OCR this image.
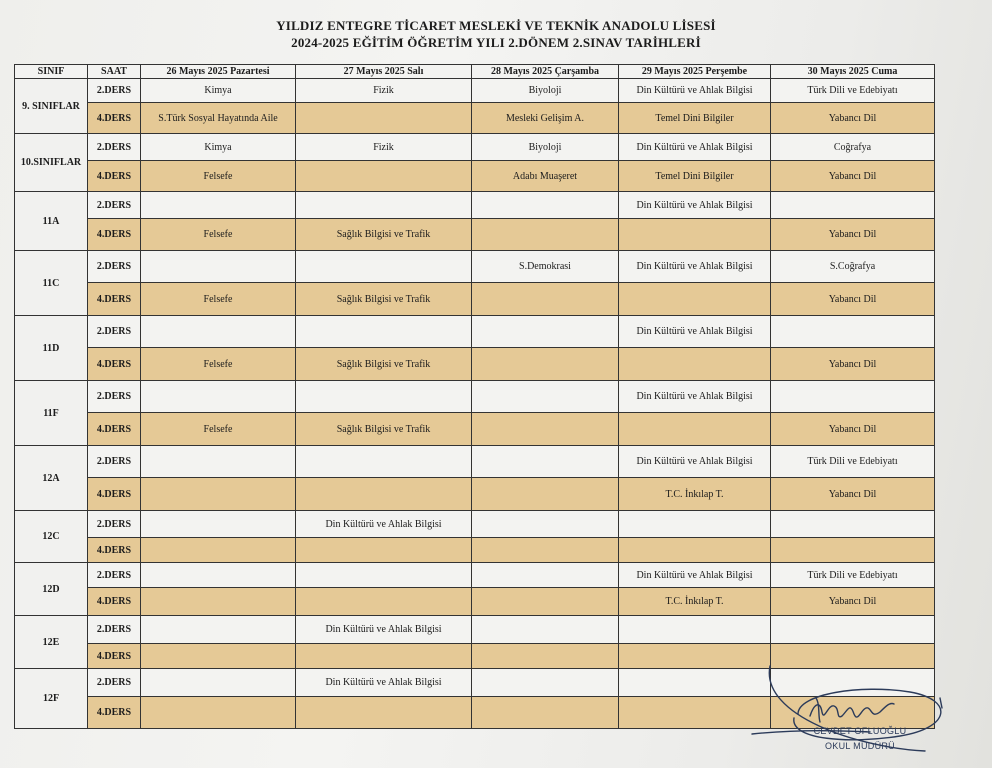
YILDIZ ENTEGRE TİCARET MESLEKİ VE TEKNİK ANADOLU LİSESİ
2024-2025 EĞİTİM ÖĞRETİM YILI 2.DÖNEM 2.SINAV TARİHLERİ
SINIF	SAAT	26 Mayıs 2025 Pazartesi	27 Mayıs 2025 Salı	28 Mayıs 2025 Çarşamba	29 Mayıs 2025 Perşembe	30 Mayıs 2025 Cuma
9. SINIFLAR	2.DERS	Kimya	Fizik	Biyoloji	Din Kültürü ve Ahlak Bilgisi	Türk Dili ve Edebiyatı
	4.DERS	S.Türk Sosyal Hayatında Aile		Mesleki Gelişim A.	Temel Dini Bilgiler	Yabancı Dil
10.SINIFLAR	2.DERS	Kimya	Fizik	Biyoloji	Din Kültürü ve Ahlak Bilgisi	Coğrafya
	4.DERS	Felsefe		Adabı Muaşeret	Temel Dini Bilgiler	Yabancı Dil
11A	2.DERS				Din Kültürü ve Ahlak Bilgisi	
	4.DERS	Felsefe	Sağlık Bilgisi ve Trafik			Yabancı Dil
11C	2.DERS			S.Demokrasi	Din Kültürü ve Ahlak Bilgisi	S.Coğrafya
	4.DERS	Felsefe	Sağlık Bilgisi ve Trafik			Yabancı Dil
11D	2.DERS				Din Kültürü ve Ahlak Bilgisi	
	4.DERS	Felsefe	Sağlık Bilgisi ve Trafik			Yabancı Dil
11F	2.DERS				Din Kültürü ve Ahlak Bilgisi	
	4.DERS	Felsefe	Sağlık Bilgisi ve Trafik			Yabancı Dil
12A	2.DERS				Din Kültürü ve Ahlak Bilgisi	Türk Dili ve Edebiyatı
	4.DERS				T.C. İnkılap T.	Yabancı Dil
12C	2.DERS		Din Kültürü ve Ahlak Bilgisi			
	4.DERS					
12D	2.DERS				Din Kültürü ve Ahlak Bilgisi	Türk Dili ve Edebiyatı
	4.DERS				T.C. İnkılap T.	Yabancı Dil
12E	2.DERS		Din Kültürü ve Ahlak Bilgisi			
	4.DERS					
12F	2.DERS		Din Kültürü ve Ahlak Bilgisi			
	4.DERS					
CEVDET OFLUOĞLU
OKUL MÜDÜRÜ
